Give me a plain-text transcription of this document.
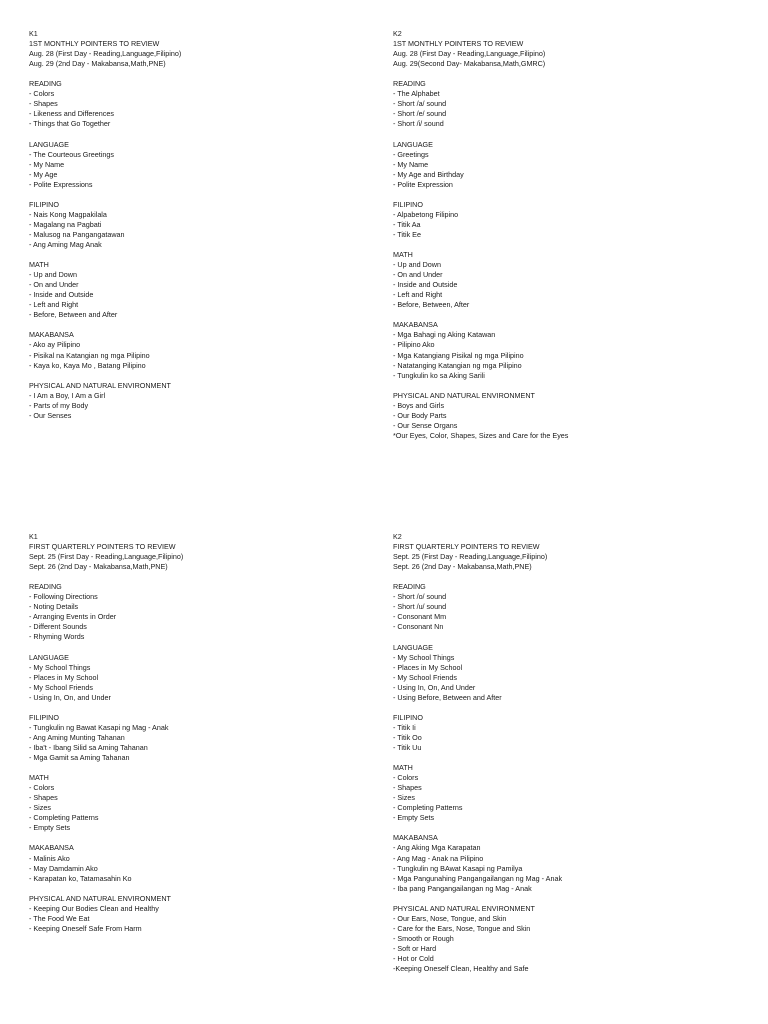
K1
1ST MONTHLY POINTERS TO REVIEW
Aug. 28 (First Day - Reading,Language,Filipino)
Aug. 29 (2nd Day - Makabansa,Math,PNE)
READING
- Colors
- Shapes
- Likeness and Differences
- Things that Go Together
LANGUAGE
- The Courteous Greetings
- My Name
- My Age
- Polite Expressions
FILIPINO
- Nais Kong Magpakilala
- Magalang na Pagbati
- Malusog na Pangangatawan
- Ang Aming Mag Anak
MATH
- Up and Down
- On and Under
- Inside and Outside
- Left and Right
- Before, Between and After
MAKABANSA
- Ako ay Pilipino
- Pisikal na Katangian ng mga Pilipino
- Kaya ko, Kaya Mo , Batang Pilipino
PHYSICAL AND NATURAL ENVIRONMENT
- I Am a Boy, I Am a Girl
- Parts of my Body
- Our Senses
K2
1ST MONTHLY POINTERS TO REVIEW
Aug. 28 (First Day - Reading,Language,Filipino)
Aug. 29(Second Day- Makabansa,Math,GMRC)
READING
- The Alphabet
- Short /a/ sound
- Short /e/ sound
- Short /i/ sound
LANGUAGE
- Greetings
- My Name
- My Age and Birthday
- Polite Expression
FILIPINO
- Alpabetong Filipino
- Titik Aa
- Titik Ee
MATH
- Up and Down
- On and Under
- Inside and Outside
- Left and Right
- Before, Between, After
MAKABANSA
- Mga Bahagi ng Aking Katawan
- Pilipino Ako
- Mga Katangiang Pisikal ng mga Pilipino
- Natatanging Katangian ng mga Pilipino
- Tungkulin ko sa Aking Sarili
PHYSICAL AND NATURAL ENVIRONMENT
- Boys and Girls
- Our Body Parts
- Our Sense Organs
*Our Eyes, Color, Shapes, Sizes and Care for the Eyes
K1
FIRST QUARTERLY POINTERS TO REVIEW
Sept. 25 (First Day - Reading,Language,Filipino)
Sept. 26 (2nd Day - Makabansa,Math,PNE)
READING
- Following Directions
- Noting Details
- Arranging Events in Order
- Different Sounds
- Rhyming Words
LANGUAGE
- My School Things
- Places in My School
- My School Friends
- Using In, On, and Under
FILIPINO
- Tungkulin ng Bawat Kasapi ng Mag - Anak
- Ang Aming Munting Tahanan
- Iba't - Ibang Silid sa Aming Tahanan
- Mga Gamit sa Aming Tahanan
MATH
- Colors
- Shapes
- Sizes
- Completing Patterns
- Empty Sets
MAKABANSA
- Malinis Ako
- May Damdamin Ako
- Karapatan ko, Tatamasahin Ko
PHYSICAL AND NATURAL ENVIRONMENT
- Keeping Our Bodies Clean and Healthy
- The Food We Eat
- Keeping Oneself Safe From Harm
K2
FIRST QUARTERLY POINTERS TO REVIEW
Sept. 25 (First Day - Reading,Language,Filipino)
Sept. 26 (2nd Day - Makabansa,Math,PNE)
READING
- Short /o/ sound
- Short /u/ sound
- Consonant Mm
- Consonant Nn
LANGUAGE
- My School Things
- Places in My School
- My School Friends
- Using In, On, And Under
- Using Before, Between and After
FILIPINO
- Titik Ii
- Titik Oo
- Titik Uu
MATH
- Colors
- Shapes
- Sizes
- Completing Patterns
- Empty Sets
MAKABANSA
- Ang Aking Mga Karapatan
- Ang Mag - Anak na Pilipino
- Tungkulin ng BAwat Kasapi ng Pamilya
- Mga Pangunahing Pangangailangan ng Mag - Anak
- Iba pang Pangangailangan ng Mag - Anak
PHYSICAL AND NATURAL ENVIRONMENT
- Our Ears, Nose, Tongue, and Skin
- Care for the Ears, Nose, Tongue and Skin
- Smooth or Rough
- Soft or Hard
- Hot or Cold
-Keeping Oneself Clean, Healthy and Safe
